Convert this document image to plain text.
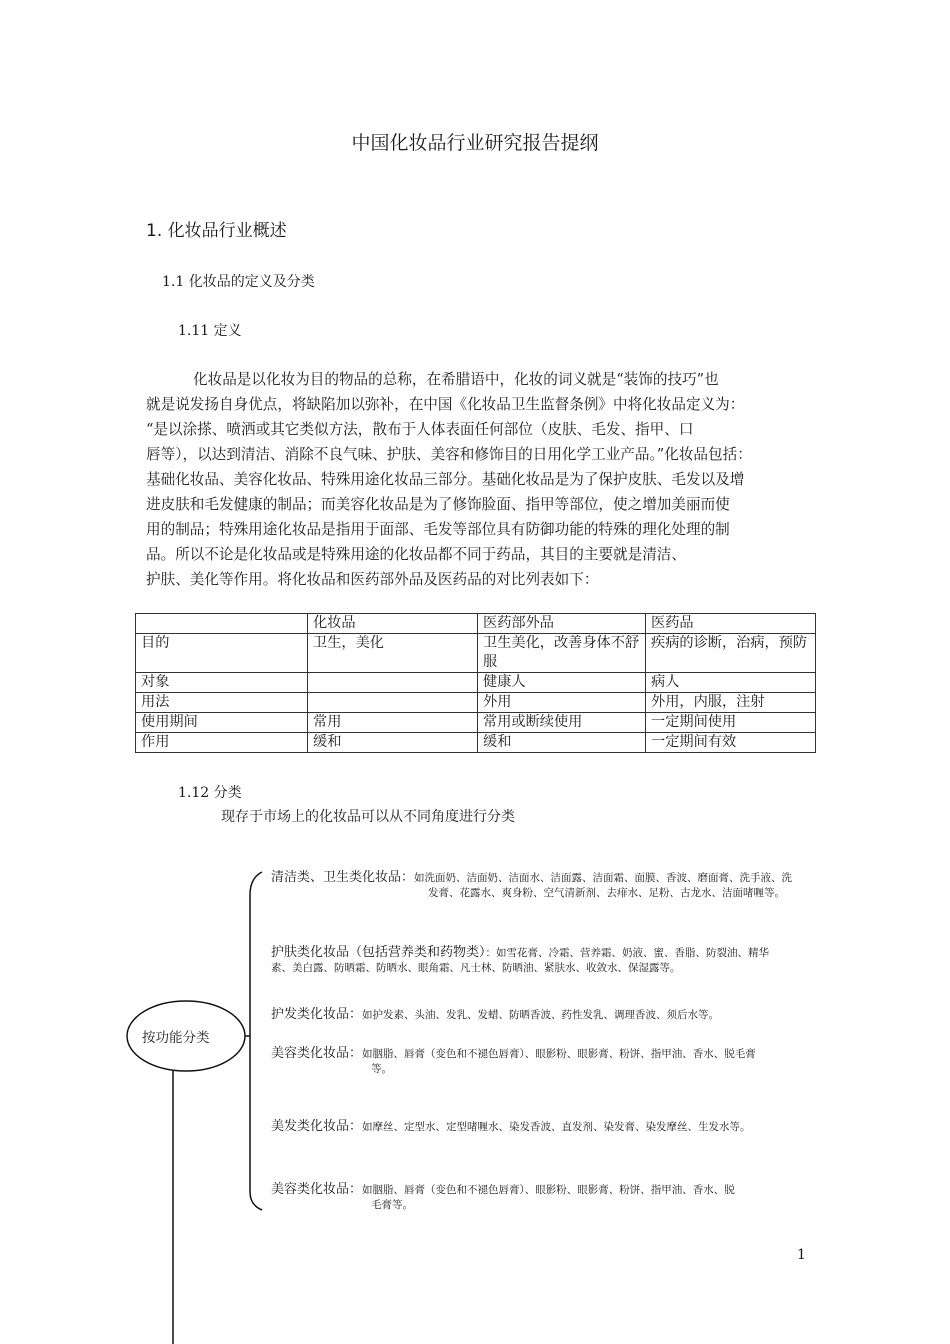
中国化妆品行业研究报告提纲
1. 化妆品行业概述
1.1 化妆品的定义及分类
1.11 定义
化妆品是以化妆为目的物品的总称，在希腊语中，化妆的词义就是“装饰的技巧”也
就是说发扬自身优点，将缺陷加以弥补，在中国《化妆品卫生监督条例》中将化妆品定义为：
“是以涂搽、喷洒或其它类似方法，散布于人体表面任何部位（皮肤、毛发、指甲、口
唇等），以达到清洁、消除不良气味、护肤、美容和修饰目的日用化学工业产品。”化妆品包括：
基础化妆品、美容化妆品、特殊用途化妆品三部分。基础化妆品是为了保护皮肤、毛发以及增
进皮肤和毛发健康的制品；而美容化妆品是为了修饰脸面、指甲等部位，使之增加美丽而使
用的制品；特殊用途化妆品是指用于面部、毛发等部位具有防御功能的特殊的理化处理的制
品。所以不论是化妆品或是特殊用途的化妆品都不同于药品，其目的主要就是清洁、
护肤、美化等作用。将化妆品和医药部外品及医药品的对比列表如下：
	化妆品	医药部外品	医药品
目的	卫生，美化	卫生美化，改善身体不舒服	疾病的诊断，治病，预防
对象		健康人	病人
用法		外用	外用，内服，注射
使用期间	常用	常用或断续使用	一定期间使用
作用	缓和	缓和	一定期间有效
1.12 分类
现存于市场上的化妆品可以从不同角度进行分类
按功能分类
清洁类、卫生类化妆品：如洗面奶、洁面奶、洁面水、洁面露、洁面霜、面膜、香波、磨面膏、洗手液、洗
发膏、花露水、爽身粉、空气清新剂、去痱水、足粉、古龙水、洁面啫喱等。
护肤类化妆品（包括营养类和药物类）：如雪花膏、冷霜、营养霜、奶液、蜜、香脂、防裂油、精华
素、美白露、防晒霜、防晒水、眼角霜、凡士林、防晒油、紧肤水、收敛水、保湿露等。
护发类化妆品：如护发素、头油、发乳、发蜡、防晒香波、药性发乳、调理香波、须后水等。
美容类化妆品：如胭脂、唇膏（变色和不褪色唇膏）、眼影粉、眼影膏、粉饼、指甲油、香水、脱毛膏
等。
美发类化妆品：如摩丝、定型水、定型啫喱水、染发香波、直发剂、染发膏、染发摩丝、生发水等。
美容类化妆品：如胭脂、唇膏（变色和不褪色唇膏）、眼影粉、眼影膏、粉饼、指甲油、香水、脱
毛膏等。
1
